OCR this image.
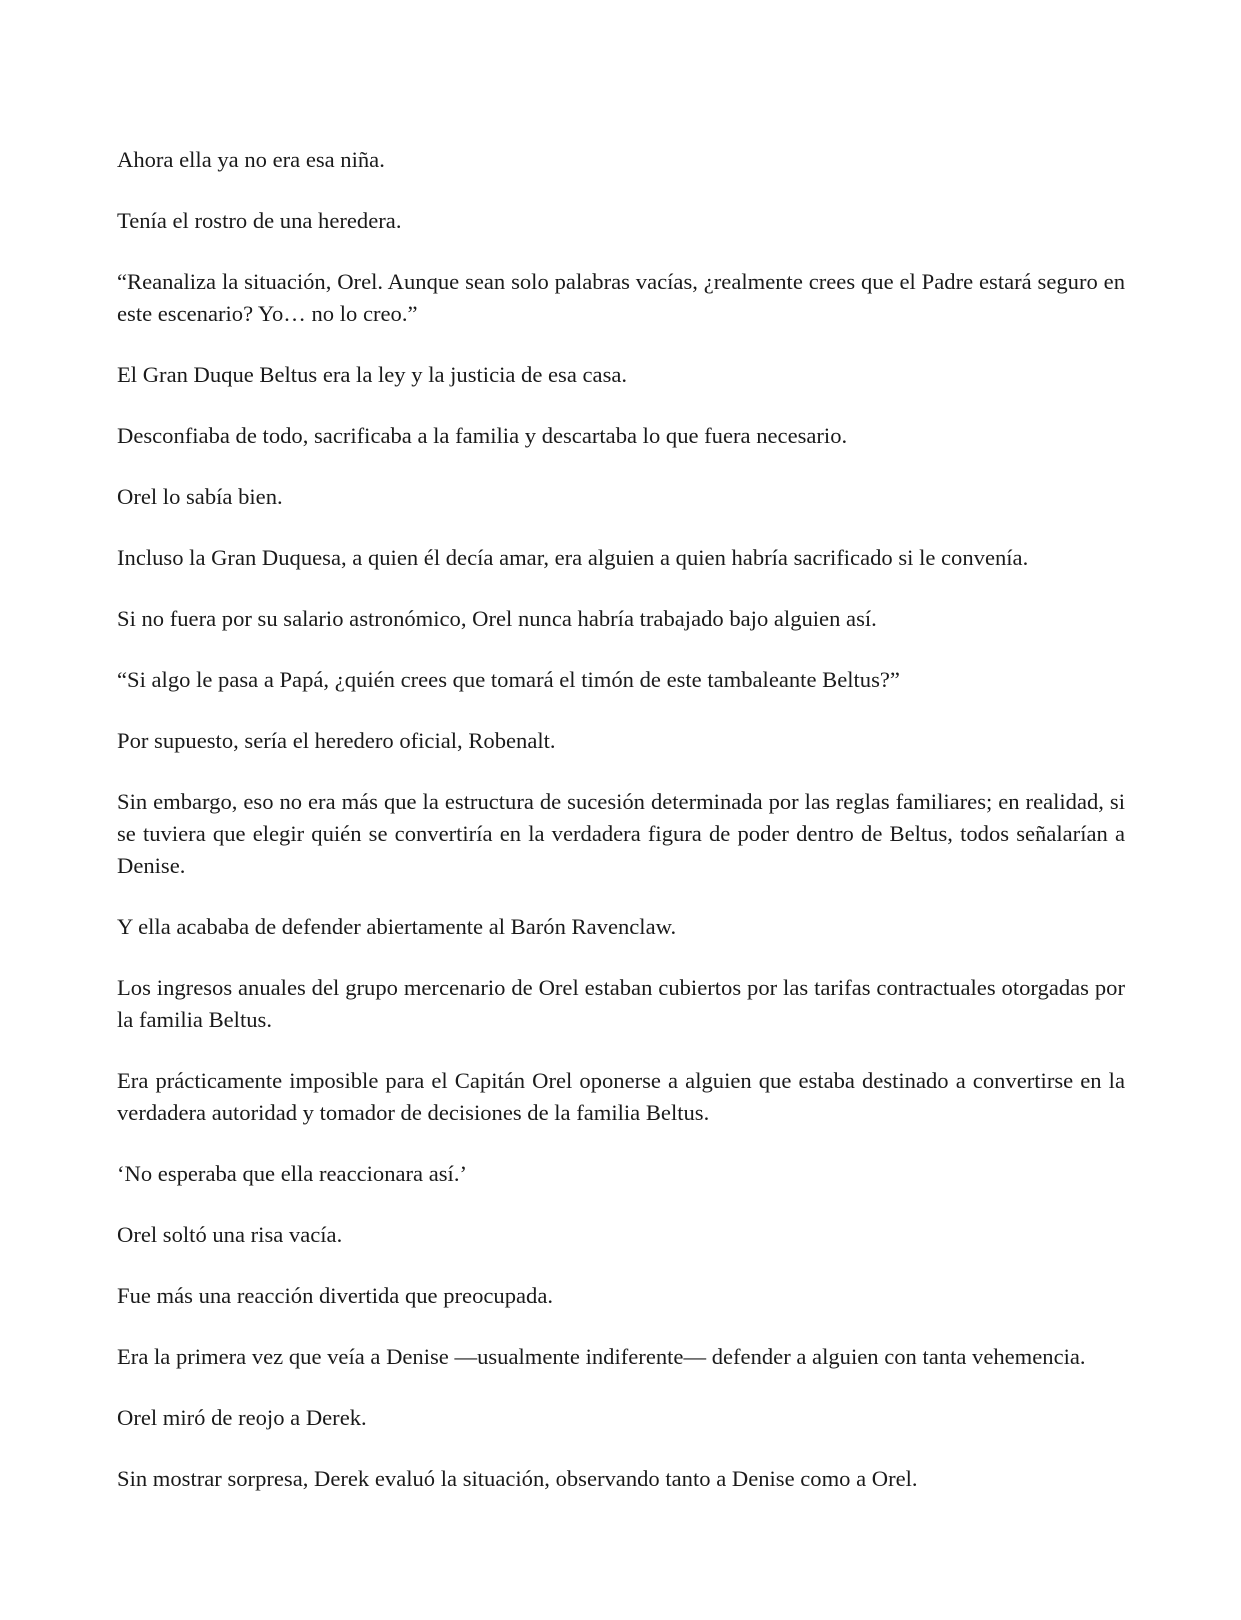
Ahora ella ya no era esa niña.

Tenía el rostro de una heredera.

“Reanaliza la situación, Orel. Aunque sean solo palabras vacías, ¿realmente crees que el Padre estará seguro en este escenario? Yo… no lo creo.”

El Gran Duque Beltus era la ley y la justicia de esa casa.

Desconfiaba de todo, sacrificaba a la familia y descartaba lo que fuera necesario.

Orel lo sabía bien.

Incluso la Gran Duquesa, a quien él decía amar, era alguien a quien habría sacrificado si le convenía.

Si no fuera por su salario astronómico, Orel nunca habría trabajado bajo alguien así.

“Si algo le pasa a Papá, ¿quién crees que tomará el timón de este tambaleante Beltus?”

Por supuesto, sería el heredero oficial, Robenalt.

Sin embargo, eso no era más que la estructura de sucesión determinada por las reglas familiares; en realidad, si se tuviera que elegir quién se convertiría en la verdadera figura de poder dentro de Beltus, todos señalarían a Denise.

Y ella acababa de defender abiertamente al Barón Ravenclaw.

Los ingresos anuales del grupo mercenario de Orel estaban cubiertos por las tarifas contractuales otorgadas por la familia Beltus.

Era prácticamente imposible para el Capitán Orel oponerse a alguien que estaba destinado a convertirse en la verdadera autoridad y tomador de decisiones de la familia Beltus.

‘No esperaba que ella reaccionara así.’

Orel soltó una risa vacía.

Fue más una reacción divertida que preocupada.

Era la primera vez que veía a Denise —usualmente indiferente— defender a alguien con tanta vehemencia.

Orel miró de reojo a Derek.

Sin mostrar sorpresa, Derek evaluó la situación, observando tanto a Denise como a Orel.
